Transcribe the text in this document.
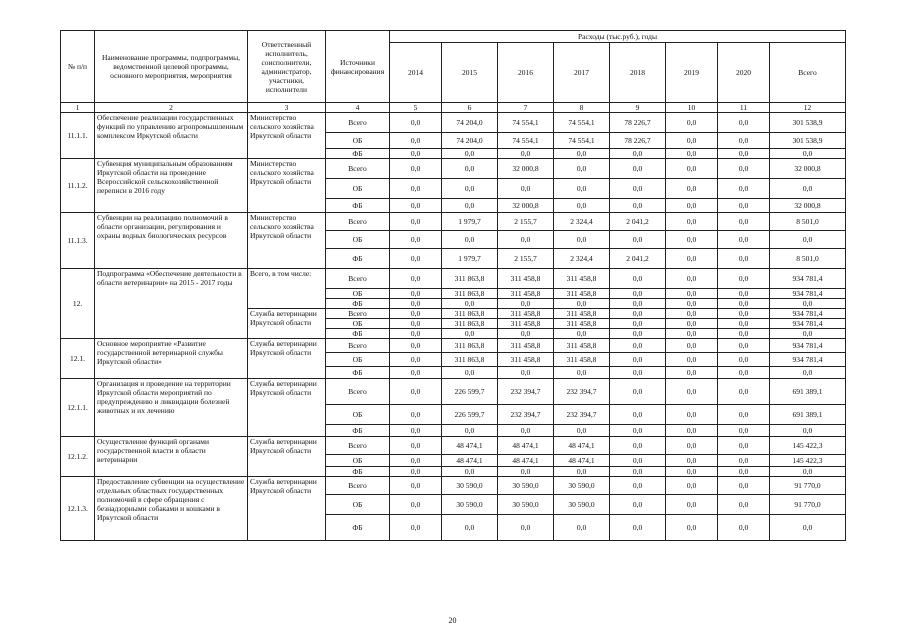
№ п/п	Наименование программы, подпрограммы, ведомственной целевой программы, основного мероприятия, мероприятия	Ответственный исполнитель, соисполнители, администратор, участники, исполнители	Источники финансирования	Расходы (тыс.руб.), годы							
				2014	2015	2016	2017	2018	2019	2020	Всего
1	2	3	4	5	6	7	8	9	10	11	12
11.1.1.	Обеспечение реализации государственных функций по управлению агропромышленным комплексом Иркутской области	Министерство сельского хозяйства Иркутской области	Всего	0,0	74 204,0	74 554,1	74 554,1	78 226,7	0,0	0,0	301 538,9
			ОБ	0,0	74 204,0	74 554,1	74 554,1	78 226,7	0,0	0,0	301 538,9
			ФБ	0,0	0,0	0,0	0,0	0,0	0,0	0,0	0,0
11.1.2.	Субвенция муниципальным образованиям Иркутской области на проведение Всероссийской сельскохозяйственной переписи в 2016 году	Министерство сельского хозяйства Иркутской области	Всего	0,0	0,0	32 000,8	0,0	0,0	0,0	0,0	32 000,8
			ОБ	0,0	0,0	0,0	0,0	0,0	0,0	0,0	0,0
			ФБ	0,0	0,0	32 000,8	0,0	0,0	0,0	0,0	32 000,8
11.1.3.	Субвенции на реализацию полномочий в области организации, регулирования и охраны водных биологических ресурсов	Министерство сельского хозяйства Иркутской области	Всего	0,0	1 979,7	2 155,7	2 324,4	2 041,2	0,0	0,0	8 501,0
			ОБ	0,0	0,0	0,0	0,0	0,0	0,0	0,0	0,0
			ФБ	0,0	1 979,7	2 155,7	2 324,4	2 041,2	0,0	0,0	8 501,0
12.	Подпрограмма «Обеспечение деятельности в области ветеринарии» на 2015 - 2017 годы	Всего, в том числе:	Всего	0,0	311 863,8	311 458,8	311 458,8	0,0	0,0	0,0	934 781,4
			ОБ	0,0	311 863,8	311 458,8	311 458,8	0,0	0,0	0,0	934 781,4
			ФБ	0,0	0,0	0,0	0,0	0,0	0,0	0,0	0,0
		Служба ветеринарии Иркутской области	Всего	0,0	311 863,8	311 458,8	311 458,8	0,0	0,0	0,0	934 781,4
			ОБ	0,0	311 863,8	311 458,8	311 458,8	0,0	0,0	0,0	934 781,4
			ФБ	0,0	0,0	0,0	0,0	0,0	0,0	0,0	0,0
12.1.	Основное мероприятие «Развитие государственной ветеринарной службы Иркутской области»	Служба ветеринарии Иркутской области	Всего	0,0	311 863,8	311 458,8	311 458,8	0,0	0,0	0,0	934 781,4
			ОБ	0,0	311 863,8	311 458,8	311 458,8	0,0	0,0	0,0	934 781,4
			ФБ	0,0	0,0	0,0	0,0	0,0	0,0	0,0	0,0
12.1.1.	Организация и проведение на территории Иркутской области мероприятий по предупреждению и ликвидации болезней животных и их лечению	Служба ветеринарии Иркутской области	Всего	0,0	226 599,7	232 394,7	232 394,7	0,0	0,0	0,0	691 389,1
			ОБ	0,0	226 599,7	232 394,7	232 394,7	0,0	0,0	0,0	691 389,1
			ФБ	0,0	0,0	0,0	0,0	0,0	0,0	0,0	0,0
12.1.2.	Осуществление функций органами государственной власти в области ветеринарии	Служба ветеринарии Иркутской области	Всего	0,0	48 474,1	48 474,1	48 474,1	0,0	0,0	0,0	145 422,3
			ОБ	0,0	48 474,1	48 474,1	48 474,1	0,0	0,0	0,0	145 422,3
			ФБ	0,0	0,0	0,0	0,0	0,0	0,0	0,0	0,0
12.1.3.	Предоставление субвенции на осуществление отдельных областных государственных полномочий в сфере обращения с безнадзорными собаками и кошками в Иркутской области	Служба ветеринарии Иркутской области	Всего	0,0	30 590,0	30 590,0	30 590,0	0,0	0,0	0,0	91 770,0
			ОБ	0,0	30 590,0	30 590,0	30 590,0	0,0	0,0	0,0	91 770,0
			ФБ	0,0	0,0	0,0	0,0	0,0	0,0	0,0	0,0
20
